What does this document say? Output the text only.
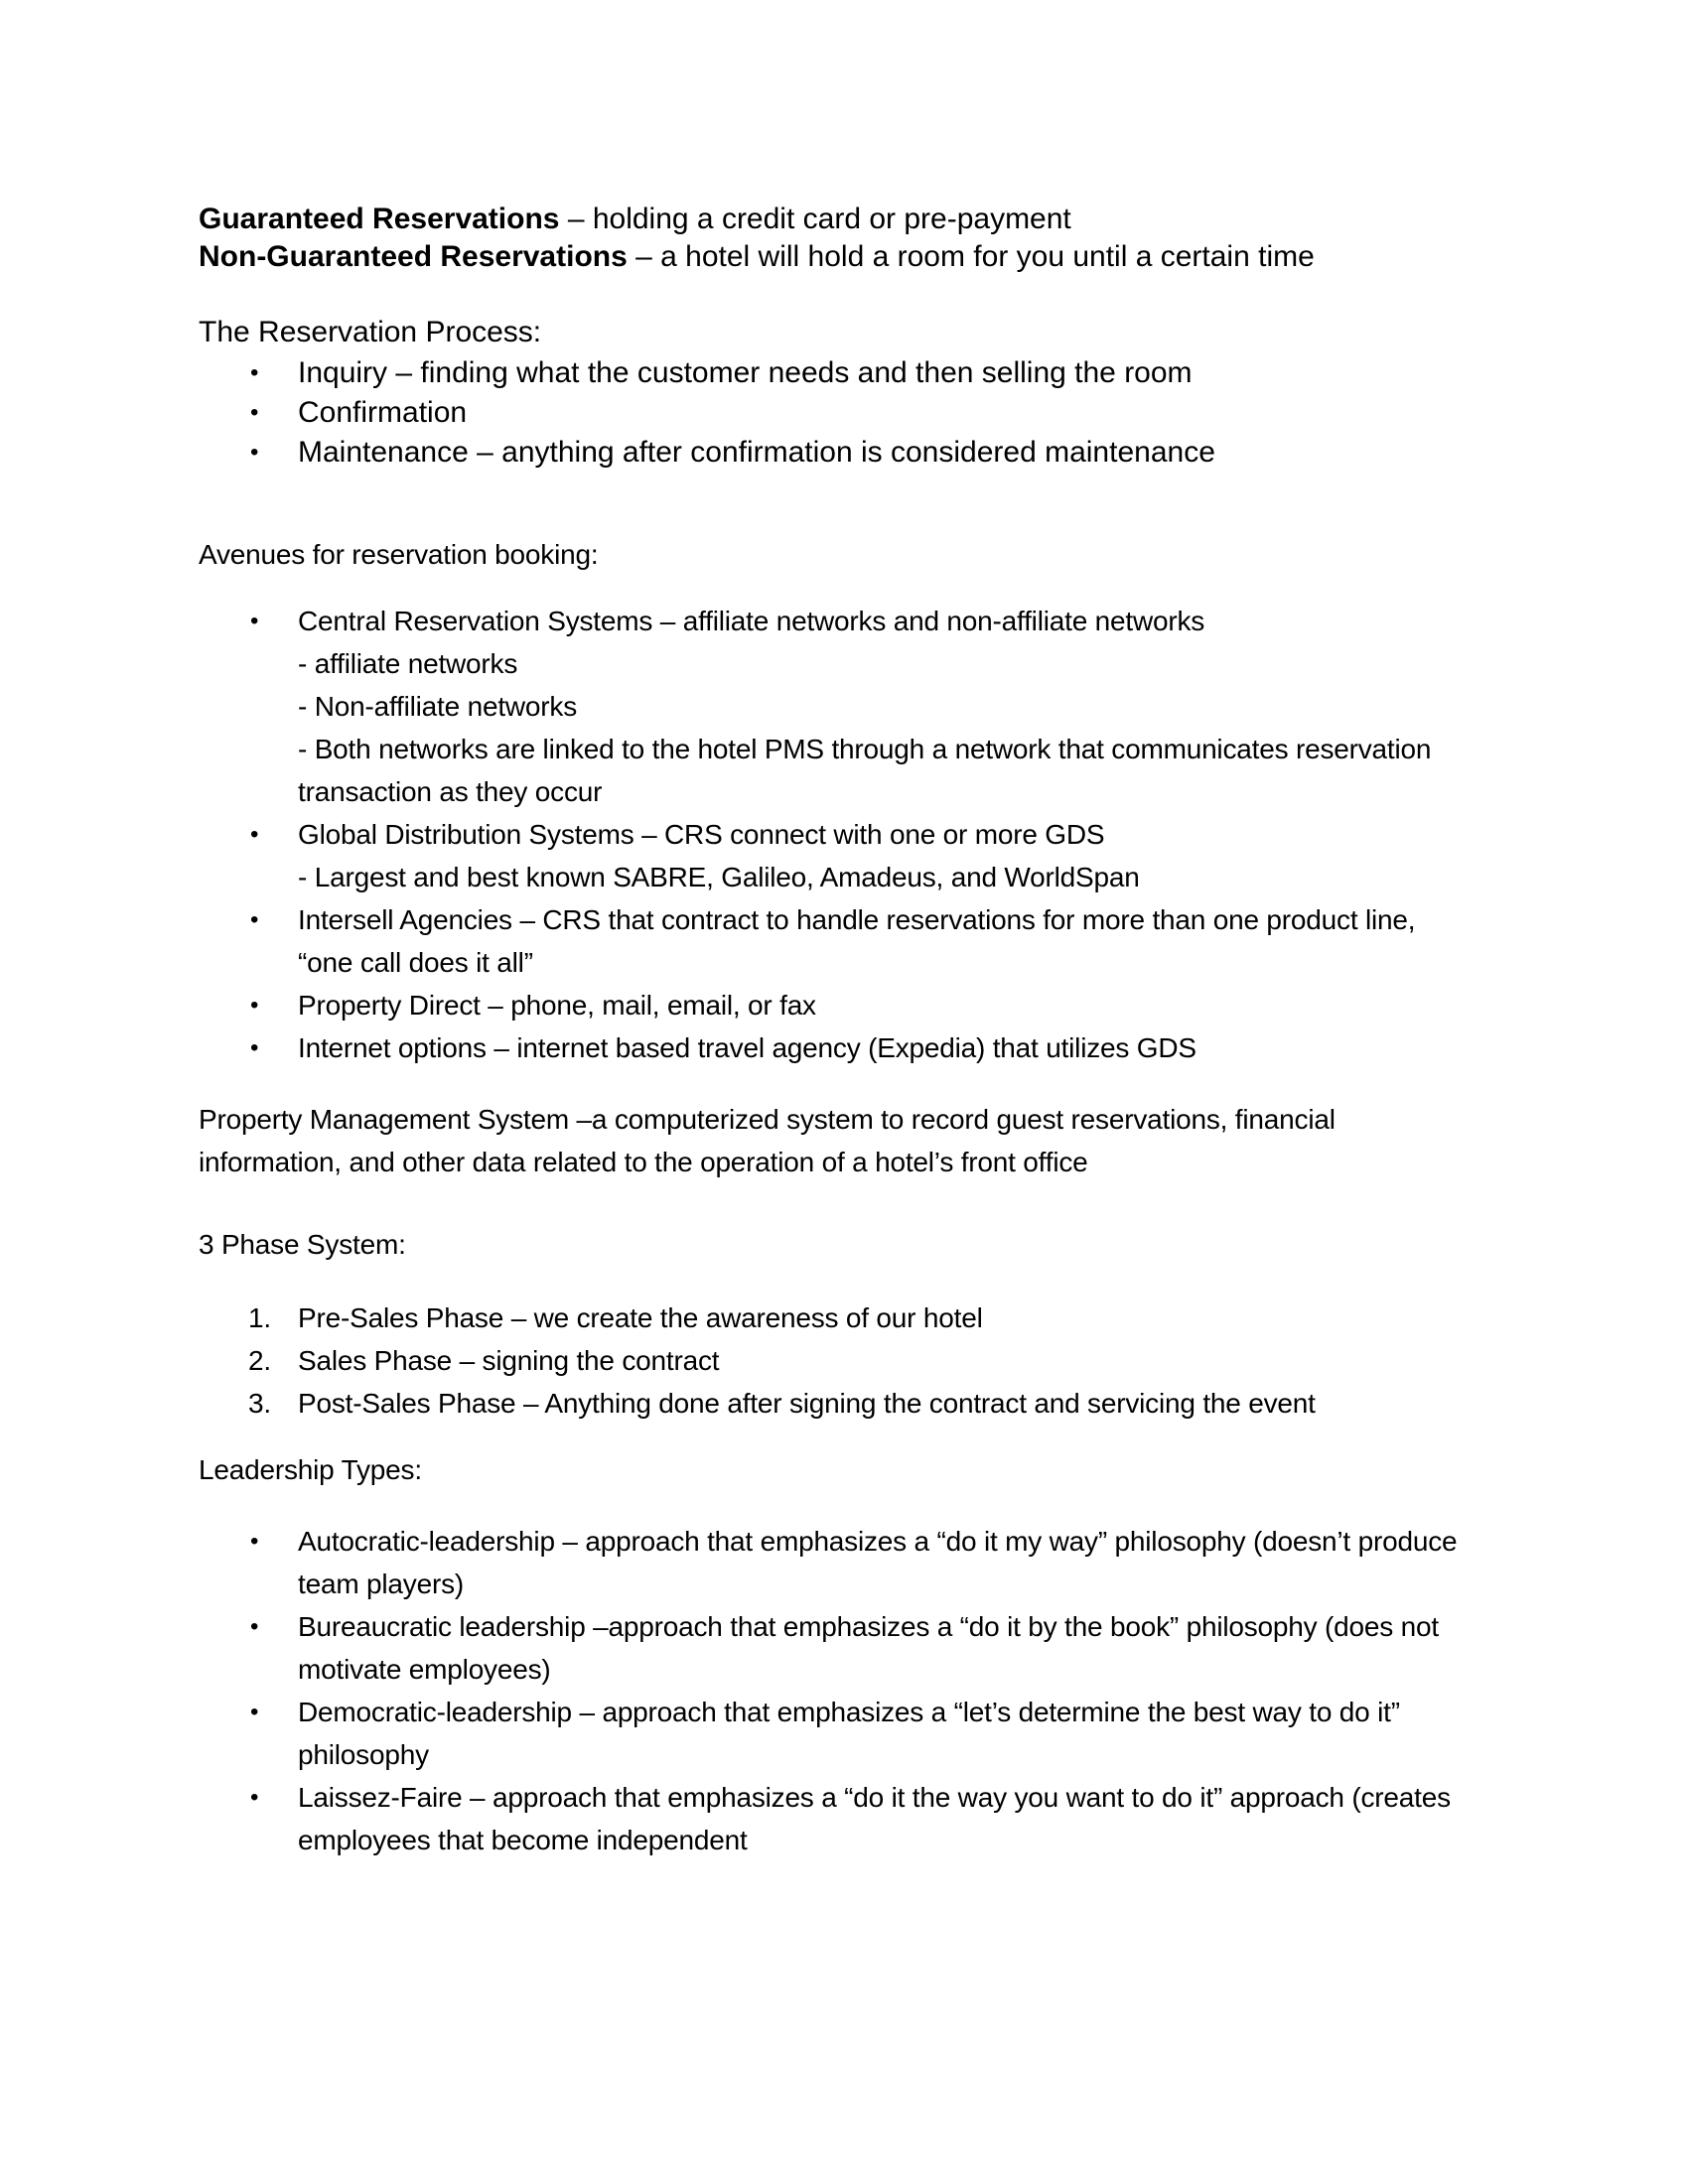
Guaranteed Reservations – holding a credit card or pre-payment
Non-Guaranteed Reservations – a hotel will hold a room for you until a certain time
The Reservation Process:
• Inquiry – finding what the customer needs and then selling the room
• Confirmation
• Maintenance – anything after confirmation is considered maintenance
Avenues for reservation booking:
• Central Reservation Systems – affiliate networks and non-affiliate networks
- affiliate networks
- Non-affiliate networks
- Both networks are linked to the hotel PMS through a network that communicates reservation
transaction as they occur
• Global Distribution Systems – CRS connect with one or more GDS
- Largest and best known SABRE, Galileo, Amadeus, and WorldSpan
• Intersell Agencies – CRS that contract to handle reservations for more than one product line,
“one call does it all”
• Property Direct – phone, mail, email, or fax
• Internet options – internet based travel agency (Expedia) that utilizes GDS
Property Management System –a computerized system to record guest reservations, financial
information, and other data related to the operation of a hotel’s front office
3 Phase System:
1. Pre-Sales Phase – we create the awareness of our hotel
2. Sales Phase – signing the contract
3. Post-Sales Phase – Anything done after signing the contract and servicing the event
Leadership Types:
• Autocratic-leadership – approach that emphasizes a “do it my way” philosophy (doesn’t produce
team players)
• Bureaucratic leadership –approach that emphasizes a “do it by the book” philosophy (does not
motivate employees)
• Democratic-leadership – approach that emphasizes a “let’s determine the best way to do it”
philosophy
• Laissez-Faire – approach that emphasizes a “do it the way you want to do it” approach (creates
employees that become independent
